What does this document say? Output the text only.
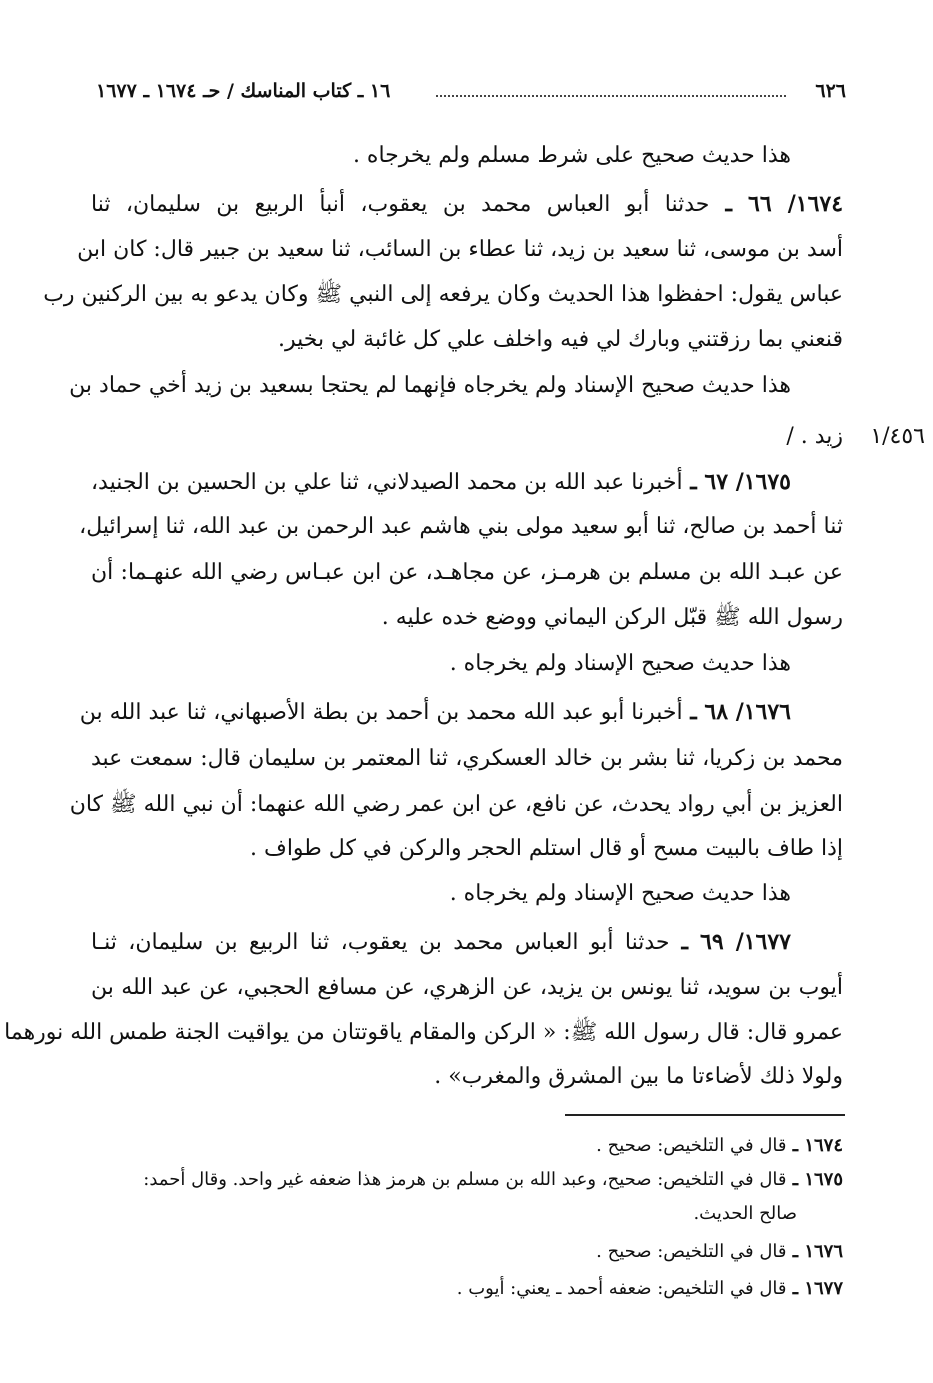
٦٢٦
١٦ ـ كتاب المناسك / حـ ١٦٧٤ ـ ١٦٧٧
هذا حديث صحيح على شرط مسلم ولم يخرجاه .
١٦٧٤/ ٦٦ ـ حدثنا أبو العباس محمد بن يعقوب، أنبأ الربيع بن سليمان، ثنا
أسد بن موسى، ثنا سعيد بن زيد، ثنا عطاء بن السائب، ثنا سعيد بن جبير قال: كان ابن
عباس يقول: احفظوا هذا الحديث وكان يرفعه إلى النبي ﷺ وكان يدعو به بين الركنين رب
قنعني بما رزقتني وبارك لي فيه واخلف علي كل غائبة لي بخير.
هذا حديث صحيح الإسناد ولم يخرجاه فإنهما لم يحتجا بسعيد بن زيد أخي حماد بن
زيد . /
١٦٧٥/ ٦٧ ـ أخبرنا عبد الله بن محمد الصيدلاني، ثنا علي بن الحسين بن الجنيد،
ثنا أحمد بن صالح، ثنا أبو سعيد مولى بني هاشم عبد الرحمن بن عبد الله، ثنا إسرائيل،
عن عبـد الله بن مسلم بن هرمـز، عن مجاهـد، عن ابن عبـاس رضي الله عنهـما: أن
رسول الله ﷺ قبّل الركن اليماني ووضع خده عليه .
هذا حديث صحيح الإسناد ولم يخرجاه .
١٦٧٦/ ٦٨ ـ أخبرنا أبو عبد الله محمد بن أحمد بن بطة الأصبهاني، ثنا عبد الله بن
محمد بن زكريا، ثنا بشر بن خالد العسكري، ثنا المعتمر بن سليمان قال: سمعت عبد
العزيز بن أبي رواد يحدث، عن نافع، عن ابن عمر رضي الله عنهما: أن نبي الله ﷺ كان
إذا طاف بالبيت مسح أو قال استلم الحجر والركن في كل طواف .
هذا حديث صحيح الإسناد ولم يخرجاه .
١٦٧٧/ ٦٩ ـ حدثنا أبو العباس محمد بن يعقوب، ثنا الربيع بن سليمان، ثنـا
أيوب بن سويد، ثنا يونس بن يزيد، عن الزهري، عن مسافع الحجبي، عن عبد الله بن
عمرو قال: قال رسول الله ﷺ: « الركن والمقام ياقوتتان من يواقيت الجنة طمس الله نورهما
ولولا ذلك لأضاءتا ما بين المشرق والمغرب» .
١/٤٥٦
١٦٧٤ ـ قال في التلخيص: صحيح .
١٦٧٥ ـ قال في التلخيص: صحيح، وعبد الله بن مسلم بن هرمز هذا ضعفه غير واحد. وقال أحمد:
صالح الحديث.
١٦٧٦ ـ قال في التلخيص: صحيح .
١٦٧٧ ـ قال في التلخيص: ضعفه أحمد ـ يعني: أيوب .
